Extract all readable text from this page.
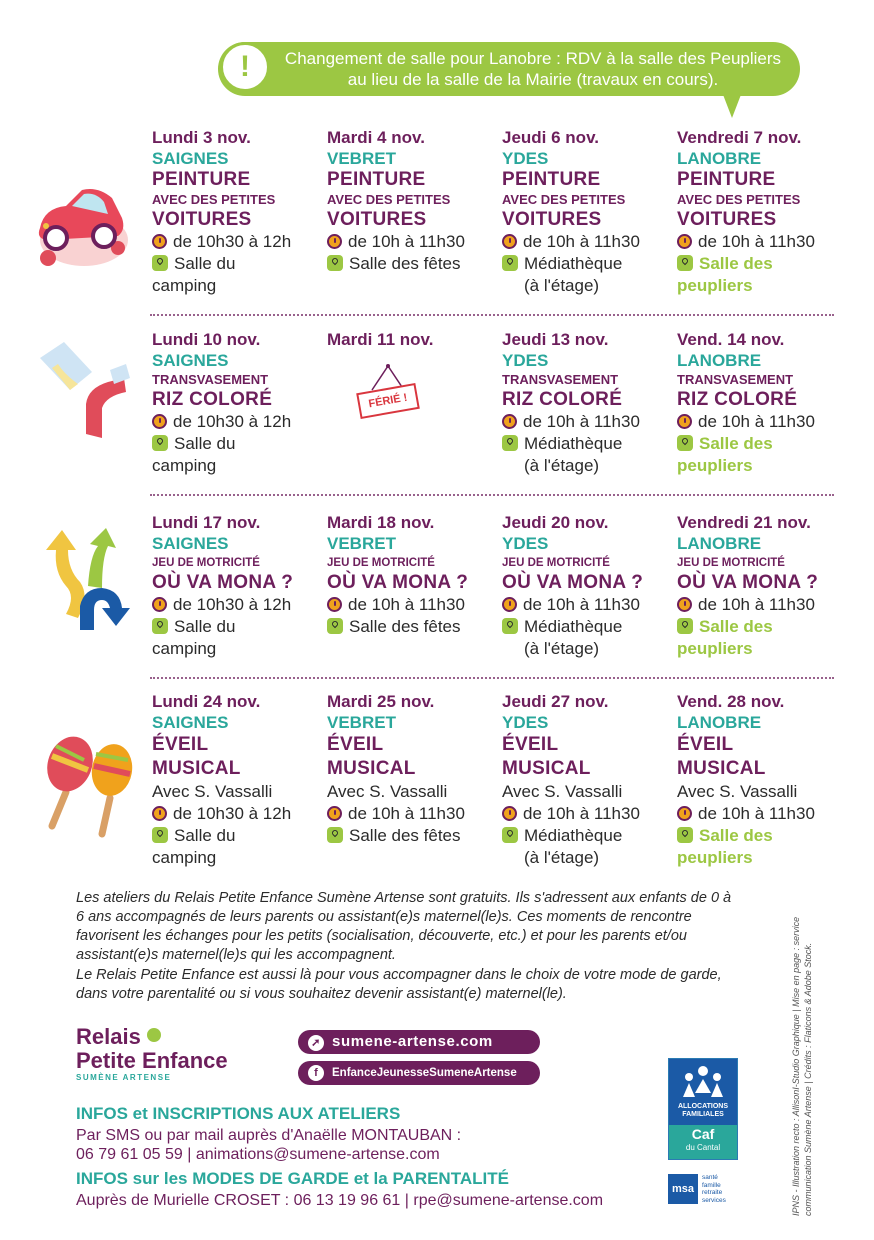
!	Changement de salle pour Lanobre : RDV à la salle des Peupliers au lieu de la salle de la Mairie (travaux en cours).
Lundi 3 nov.
SAIGNES
PEINTURE
AVEC DES PETITES
VOITURES
de 10h30 à 12h
Salle du
camping
Mardi 4 nov.
VEBRET
PEINTURE
AVEC DES PETITES
VOITURES
de 10h à 11h30
Salle des fêtes
Jeudi 6 nov.
YDES
PEINTURE
AVEC DES PETITES
VOITURES
de 10h à 11h30
Médiathèque
(à l'étage)
Vendredi 7 nov.
LANOBRE
PEINTURE
AVEC DES PETITES
VOITURES
de 10h à 11h30
Salle des
peupliers
Lundi 10 nov.
SAIGNES
TRANSVASEMENT
RIZ COLORÉ
de 10h30 à 12h
Salle du
camping
Mardi 11 nov.
FÉRIÉ !
Jeudi 13 nov.
YDES
TRANSVASEMENT
RIZ COLORÉ
de 10h à 11h30
Médiathèque
(à l'étage)
Vend. 14 nov.
LANOBRE
TRANSVASEMENT
RIZ COLORÉ
de 10h à 11h30
Salle des
peupliers
Lundi 17 nov.
SAIGNES
JEU DE MOTRICITÉ
OÙ VA MONA ?
de 10h30 à 12h
Salle du
camping
Mardi 18 nov.
VEBRET
JEU DE MOTRICITÉ
OÙ VA MONA ?
de 10h à 11h30
Salle des fêtes
Jeudi 20 nov.
YDES
JEU DE MOTRICITÉ
OÙ VA MONA ?
de 10h à 11h30
Médiathèque
(à l'étage)
Vendredi 21 nov.
LANOBRE
JEU DE MOTRICITÉ
OÙ VA MONA ?
de 10h à 11h30
Salle des
peupliers
Lundi 24 nov.
SAIGNES
ÉVEIL
MUSICAL
Avec S. Vassalli
de 10h30 à 12h
Salle du
camping
Mardi 25 nov.
VEBRET
ÉVEIL
MUSICAL
Avec S. Vassalli
de 10h à 11h30
Salle des fêtes
Jeudi 27 nov.
YDES
ÉVEIL
MUSICAL
Avec S. Vassalli
de 10h à 11h30
Médiathèque
(à l'étage)
Vend. 28 nov.
LANOBRE
ÉVEIL
MUSICAL
Avec S. Vassalli
de 10h à 11h30
Salle des
peupliers
Les ateliers du Relais Petite Enfance Sumène Artense sont gratuits. Ils s'adressent aux enfants de 0 à 6 ans accompagnés de leurs parents ou assistant(e)s maternel(le)s. Ces moments de rencontre favorisent les échanges pour les petits (socialisation, découverte, etc.) et pour les parents et/ou assistant(e)s maternel(le)s qui les accompagnent.
Le Relais Petite Enfance est aussi là pour vous accompagner dans le choix de votre mode de garde, dans votre parentalité ou si vous souhaitez devenir assistant(e) maternel(le).
Relais
Petite Enfance
SUMÈNE ARTENSE
➚ sumene-artense.com
f EnfanceJeunesseSumeneArtense
INFOS et INSCRIPTIONS AUX ATELIERS
Par SMS ou par mail auprès d'Anaëlle MONTAUBAN :
06 79 61 05 59 | animations@sumene-artense.com
INFOS sur les MODES DE GARDE et la PARENTALITÉ
Auprès de Murielle CROSET : 06 13 19 96 61 | rpe@sumene-artense.com
ALLOCATIONS FAMILIALES
Caf
du Cantal
msa
santé famille retraite services	IPNS - Illustration recto : AllisonI-Studio Graphique | Mise en page : service communication Sumène Artense | Crédits : Flaticons & Adobe Stock.
